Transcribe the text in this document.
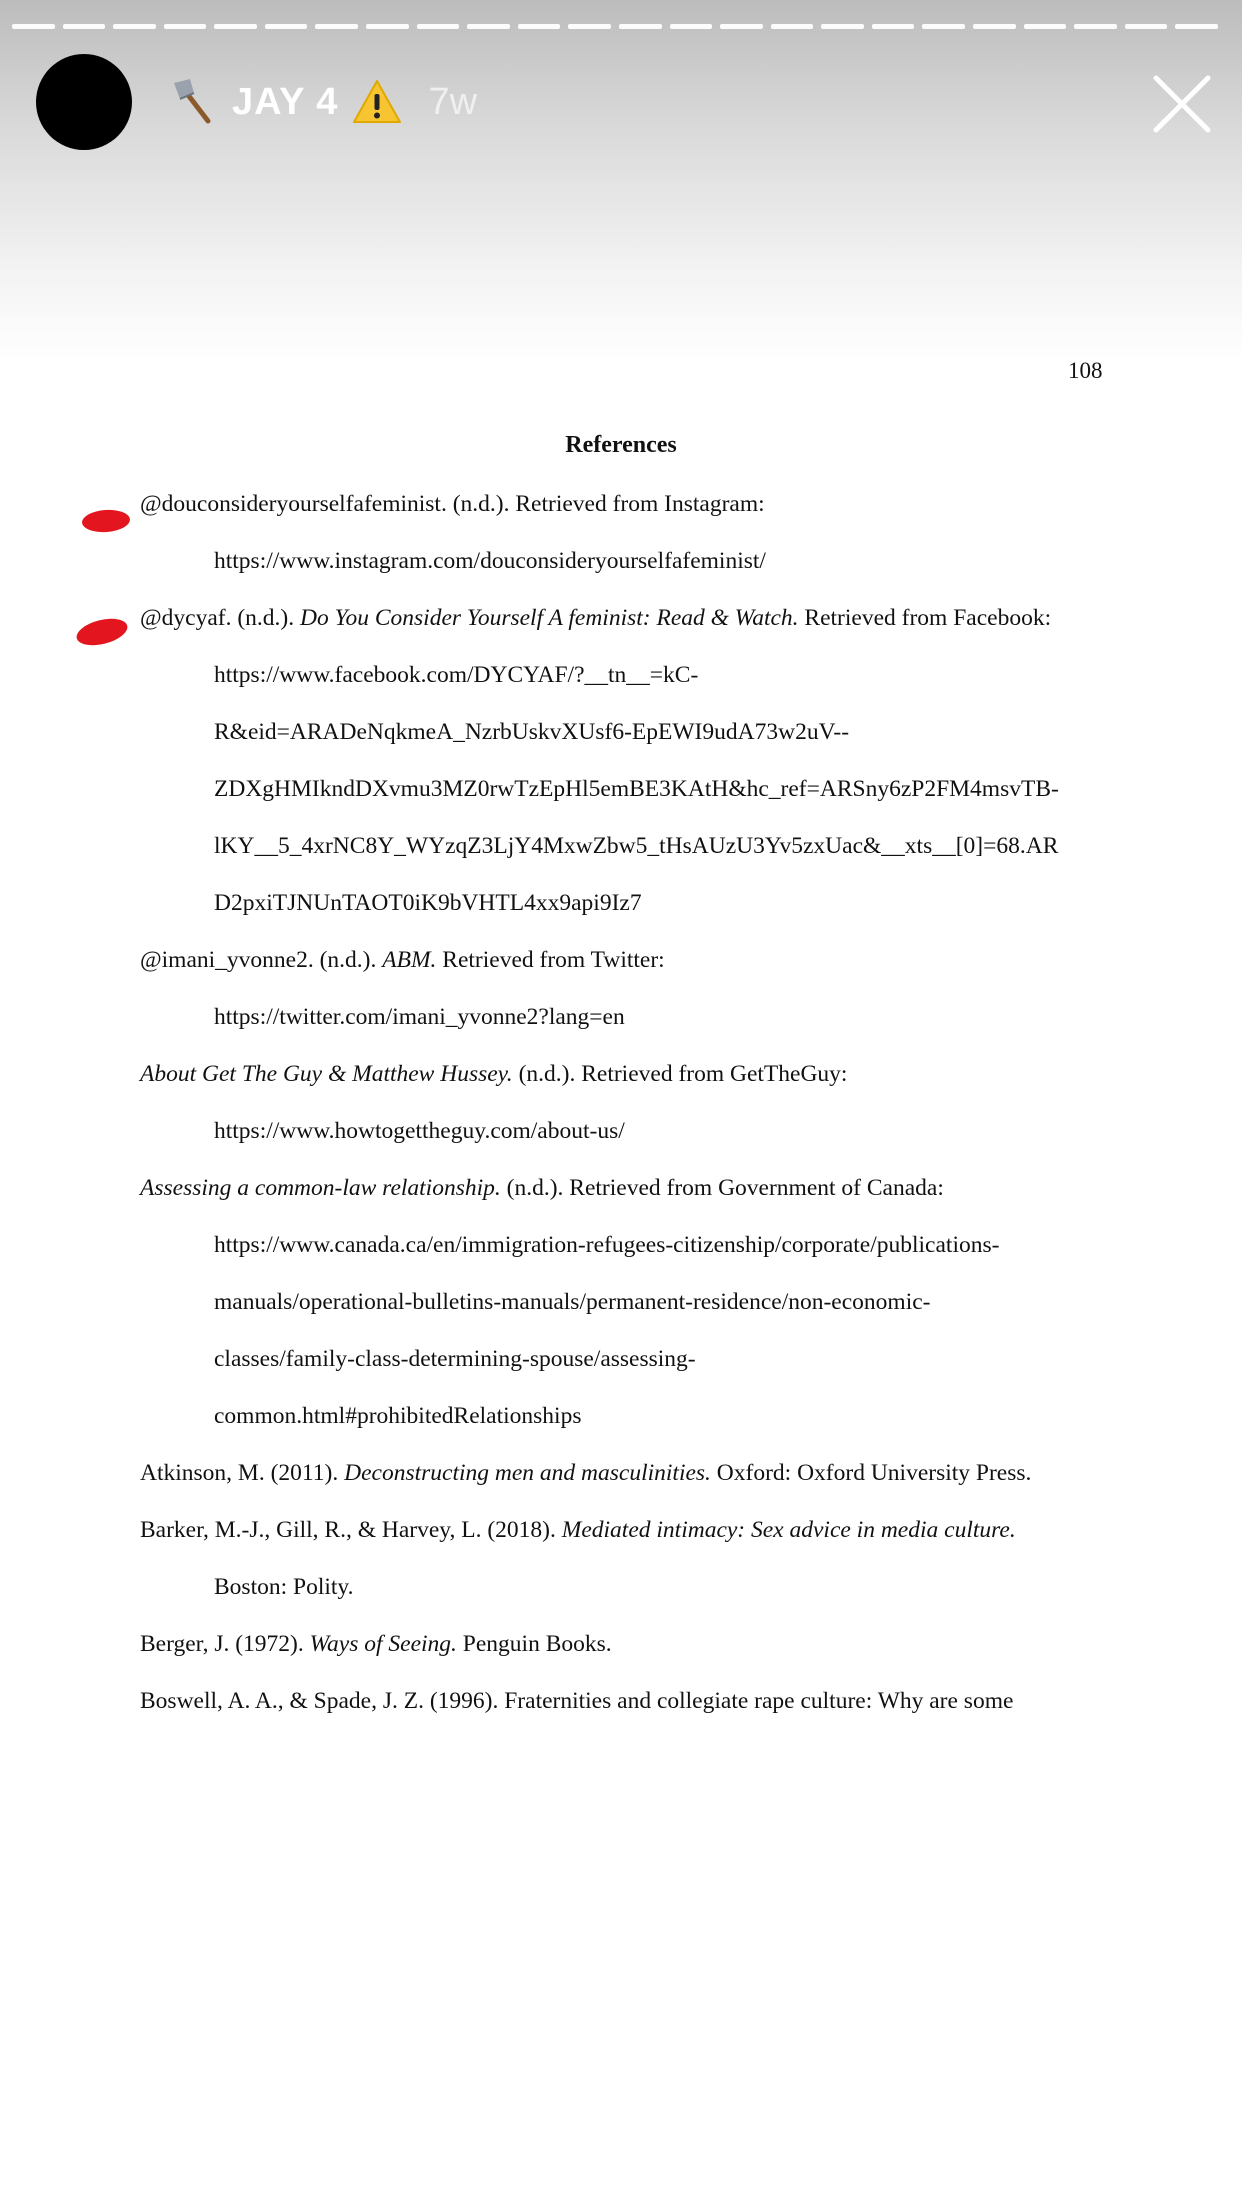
JAY 4 7w
108
References
@douconsideryourselfafeminist. (n.d.). Retrieved from Instagram:
https://www.instagram.com/douconsideryourselfafeminist/
@dycyaf. (n.d.). Do You Consider Yourself A feminist: Read & Watch. Retrieved from Facebook:
https://www.facebook.com/DYCYAF/?__tn__=kC-
R&eid=ARADeNqkmeA_NzrbUskvXUsf6-EpEWI9udA73w2uV--
ZDXgHMIkndDXvmu3MZ0rwTzEpHl5emBE3KAtH&hc_ref=ARSny6zP2FM4msvTB-
lKY__5_4xrNC8Y_WYzqZ3LjY4MxwZbw5_tHsAUzU3Yv5zxUac&__xts__[0]=68.AR
D2pxiTJNUnTAOT0iK9bVHTL4xx9api9Iz7
@imani_yvonne2. (n.d.). ABM. Retrieved from Twitter:
https://twitter.com/imani_yvonne2?lang=en
About Get The Guy & Matthew Hussey. (n.d.). Retrieved from GetTheGuy:
https://www.howtogettheguy.com/about-us/
Assessing a common-law relationship. (n.d.). Retrieved from Government of Canada:
https://www.canada.ca/en/immigration-refugees-citizenship/corporate/publications-
manuals/operational-bulletins-manuals/permanent-residence/non-economic-
classes/family-class-determining-spouse/assessing-
common.html#prohibitedRelationships
Atkinson, M. (2011). Deconstructing men and masculinities. Oxford: Oxford University Press.
Barker, M.-J., Gill, R., & Harvey, L. (2018). Mediated intimacy: Sex advice in media culture.
Boston: Polity.
Berger, J. (1972). Ways of Seeing. Penguin Books.
Boswell, A. A., & Spade, J. Z. (1996). Fraternities and collegiate rape culture: Why are some
